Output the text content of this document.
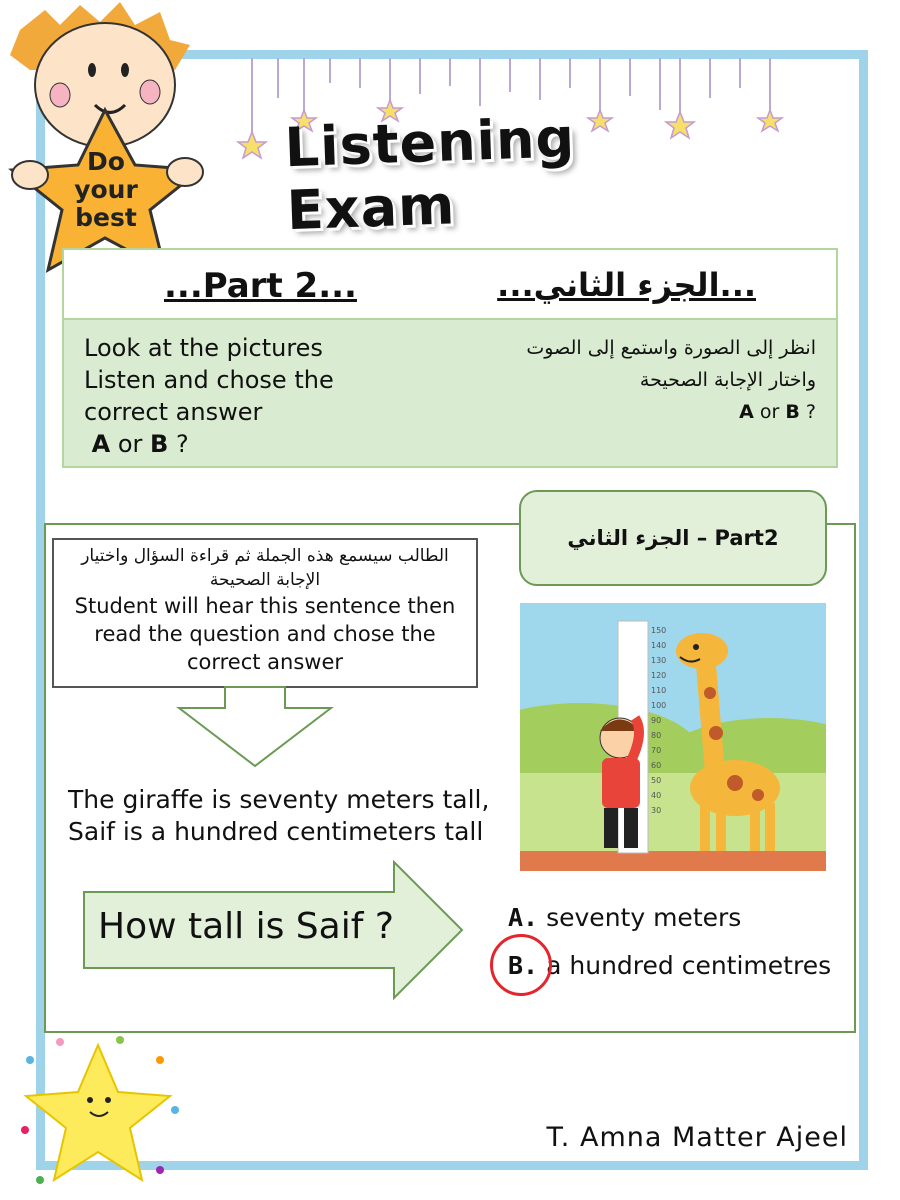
Listening Exam
Do
your
best
...Part 2...	...الجزء الثاني...
Look at the pictures
Listen and chose the
correct answer
A or B ?
انظر إلى الصورة واستمع إلى الصوت
واختار الإجابة الصحيحة
A or B ?
الجزء الثاني – Part2
الطالب سيسمع هذه الجملة ثم قراءة السؤال واختيار الإجابة الصحيحة
Student will hear this sentence then
read the question and chose the
correct answer
The giraffe is seventy meters tall,
Saif is a hundred centimeters tall
How tall is Saif ?
150
140
130
120
110
100
90
80
70
60
50
40
30
A. seventy meters
B. a hundred centimetres
T. Amna Matter Ajeel
